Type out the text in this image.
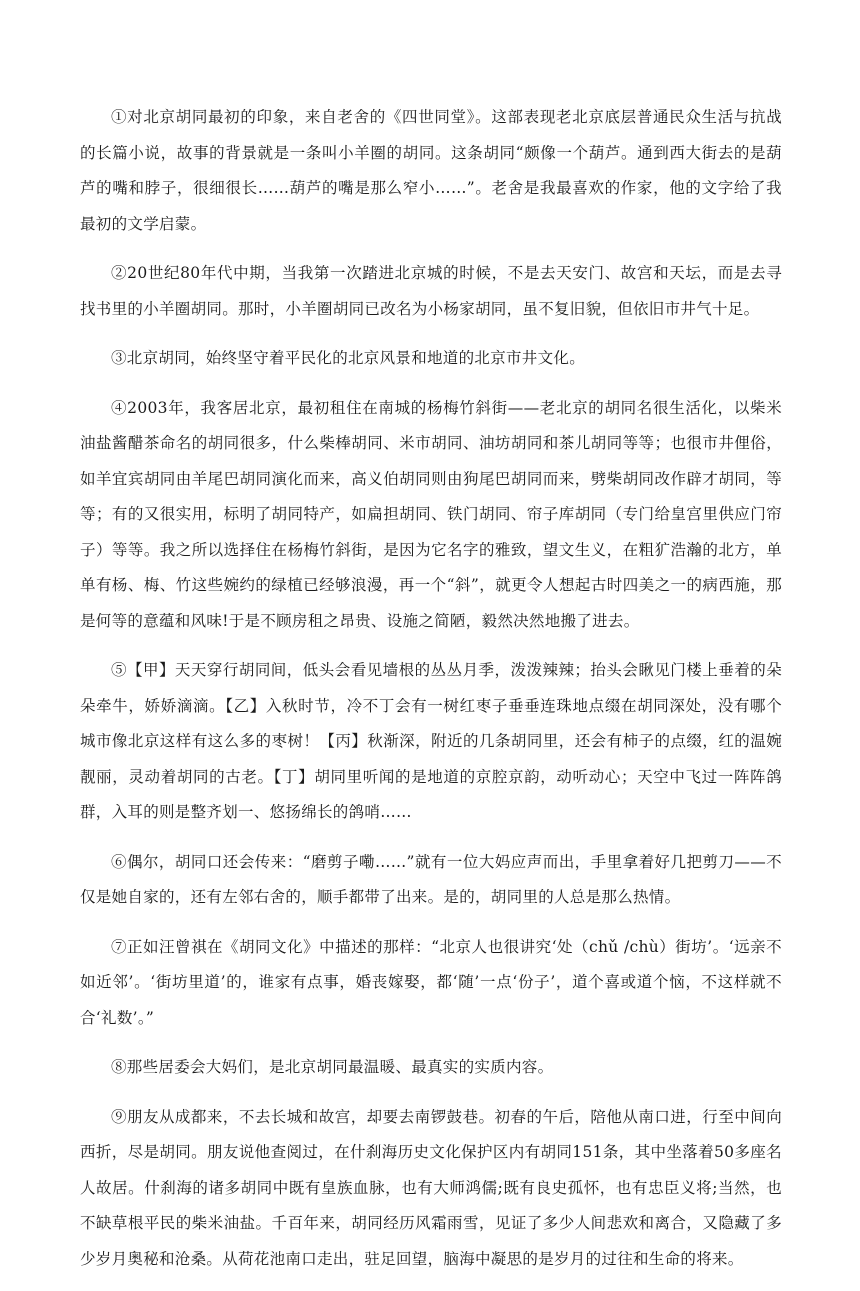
①对北京胡同最初的印象，来自老舍的《四世同堂》。这部表现老北京底层普通民众生活与抗战的长篇小说，故事的背景就是一条叫小羊圈的胡同。这条胡同“颇像一个葫芦。通到西大街去的是葫芦的嘴和脖子，很细很长……葫芦的嘴是那么窄小……”。老舍是我最喜欢的作家，他的文字给了我最初的文学启蒙。

②20世纪80年代中期，当我第一次踏进北京城的时候，不是去天安门、故宫和天坛，而是去寻找书里的小羊圈胡同。那时，小羊圈胡同已改名为小杨家胡同，虽不复旧貌，但依旧市井气十足。

③北京胡同，始终坚守着平民化的北京风景和地道的北京市井文化。

④2003年，我客居北京，最初租住在南城的杨梅竹斜街——老北京的胡同名很生活化，以柴米油盐酱醋茶命名的胡同很多，什么柴棒胡同、米市胡同、油坊胡同和茶儿胡同等等；也很市井俚俗，如羊宜宾胡同由羊尾巴胡同演化而来，高义伯胡同则由狗尾巴胡同而来，劈柴胡同改作辟才胡同，等等；有的又很实用，标明了胡同特产，如扁担胡同、铁门胡同、帘子库胡同（专门给皇宫里供应门帘子）等等。我之所以选择住在杨梅竹斜街，是因为它名字的雅致，望文生义，在粗犷浩瀚的北方，单单有杨、梅、竹这些婉约的绿植已经够浪漫，再一个“斜”，就更令人想起古时四美之一的病西施，那是何等的意蕴和风味!于是不顾房租之昂贵、设施之简陋，毅然决然地搬了进去。

⑤【甲】天天穿行胡同间，低头会看见墙根的丛丛月季，泼泼辣辣；抬头会瞅见门楼上垂着的朵朵牵牛，娇娇滴滴。【乙】入秋时节，冷不丁会有一树红枣子垂垂连珠地点缀在胡同深处，没有哪个城市像北京这样有这么多的枣树！【丙】秋渐深，附近的几条胡同里，还会有柿子的点缀，红的温婉靓丽，灵动着胡同的古老。【丁】胡同里听闻的是地道的京腔京韵，动听动心；天空中飞过一阵阵鸽群，入耳的则是整齐划一、悠扬绵长的鸽哨……

⑥偶尔，胡同口还会传来：“磨剪子嘞……”就有一位大妈应声而出，手里拿着好几把剪刀——不仅是她自家的，还有左邻右舍的，顺手都带了出来。是的，胡同里的人总是那么热情。

⑦正如汪曾祺在《胡同文化》中描述的那样：“北京人也很讲究‘处（chǔ /chù）街坊’。‘远亲不如近邻’。‘街坊里道’的，谁家有点事，婚丧嫁娶，都‘随’一点‘份子’，道个喜或道个恼，不这样就不合‘礼数’。”

⑧那些居委会大妈们，是北京胡同最温暖、最真实的实质内容。

⑨朋友从成都来，不去长城和故宫，却要去南锣鼓巷。初春的午后，陪他从南口进，行至中间向西折，尽是胡同。朋友说他查阅过，在什刹海历史文化保护区内有胡同151条，其中坐落着50多座名人故居。什刹海的诸多胡同中既有皇族血脉，也有大师鸿儒;既有良史孤怀，也有忠臣义将;当然，也不缺草根平民的柴米油盐。千百年来，胡同经历风霜雨雪，见证了多少人间悲欢和离合，又隐藏了多少岁月奥秘和沧桑。从荷花池南口走出，驻足回望，脑海中凝思的是岁月的过往和生命的将来。
